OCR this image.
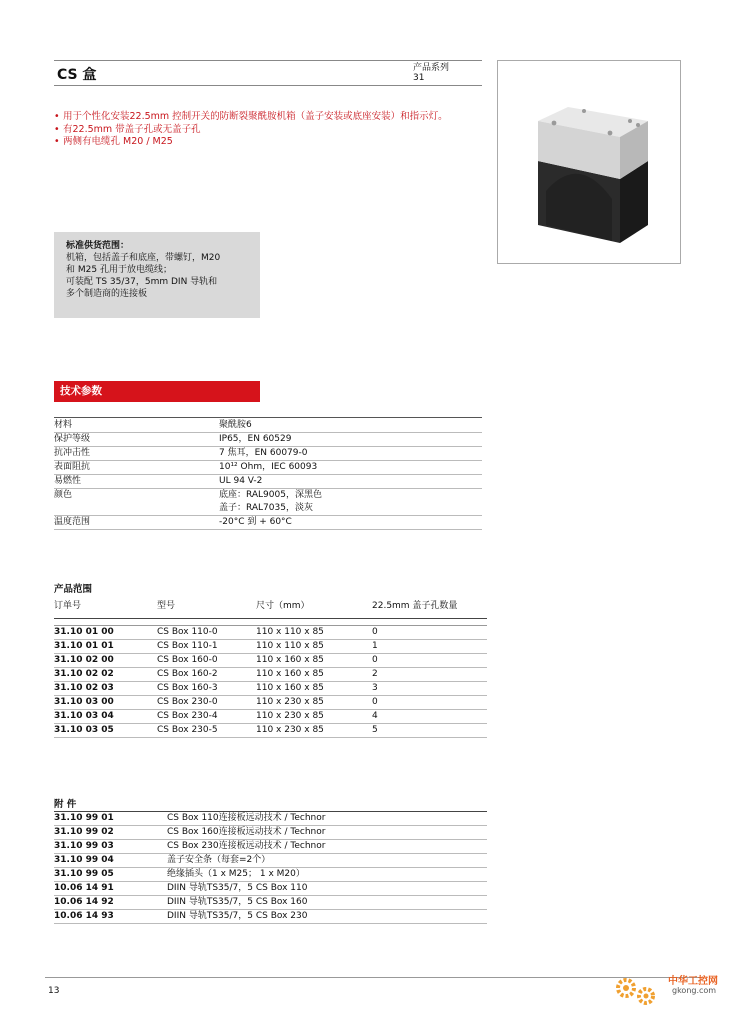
CS 盒	产品系列
31
• 用于个性化安装22.5mm 控制开关的防断裂聚酰胺机箱（盖子安装或底座安装）和指示灯。
• 有22.5mm 带盖子孔或无盖子孔
• 两侧有电缆孔 M20 / M25
标准供货范围：
机箱，包括盖子和底座，带螺钉，M20
和 M25 孔用于放电缆线；
可装配 TS 35/37，5mm DIN 导轨和
多个制造商的连接板
技术参数
材料	聚酰胺6
保护等级	IP65，EN 60529
抗冲击性	7 焦耳，EN 60079-0
表面阻抗	10¹² Ohm，IEC 60093
易燃性	UL 94 V-2
颜色	底座：RAL9005，深黑色
盖子：RAL7035，淡灰
温度范围	-20°C 到 + 60°C
产品范围
订单号	型号	尺寸（mm）	22.5mm 盖子孔数量
31.10 01 00	CS Box 110-0	110 x 110 x 85	0
31.10 01 01	CS Box 110-1	110 x 110 x 85	1
31.10 02 00	CS Box 160-0	110 x 160 x 85	0
31.10 02 02	CS Box 160-2	110 x 160 x 85	2
31.10 02 03	CS Box 160-3	110 x 160 x 85	3
31.10 03 00	CS Box 230-0	110 x 230 x 85	0
31.10 03 04	CS Box 230-4	110 x 230 x 85	4
31.10 03 05	CS Box 230-5	110 x 230 x 85	5
附 件
31.10 99 01	CS Box 110连接板远动技术 / Technor
31.10 99 02	CS Box 160连接板远动技术 / Technor
31.10 99 03	CS Box 230连接板远动技术 / Technor
31.10 99 04	盖子安全条（每套=2个）
31.10 99 05	绝缘插头（1 x M25； 1 x M20）
10.06 14 91	DIIN 导轨TS35/7，5 CS Box 110
10.06 14 92	DIIN 导轨TS35/7，5 CS Box 160
10.06 14 93	DIIN 导轨TS35/7，5 CS Box 230
13
中华工控网
gkong.com
